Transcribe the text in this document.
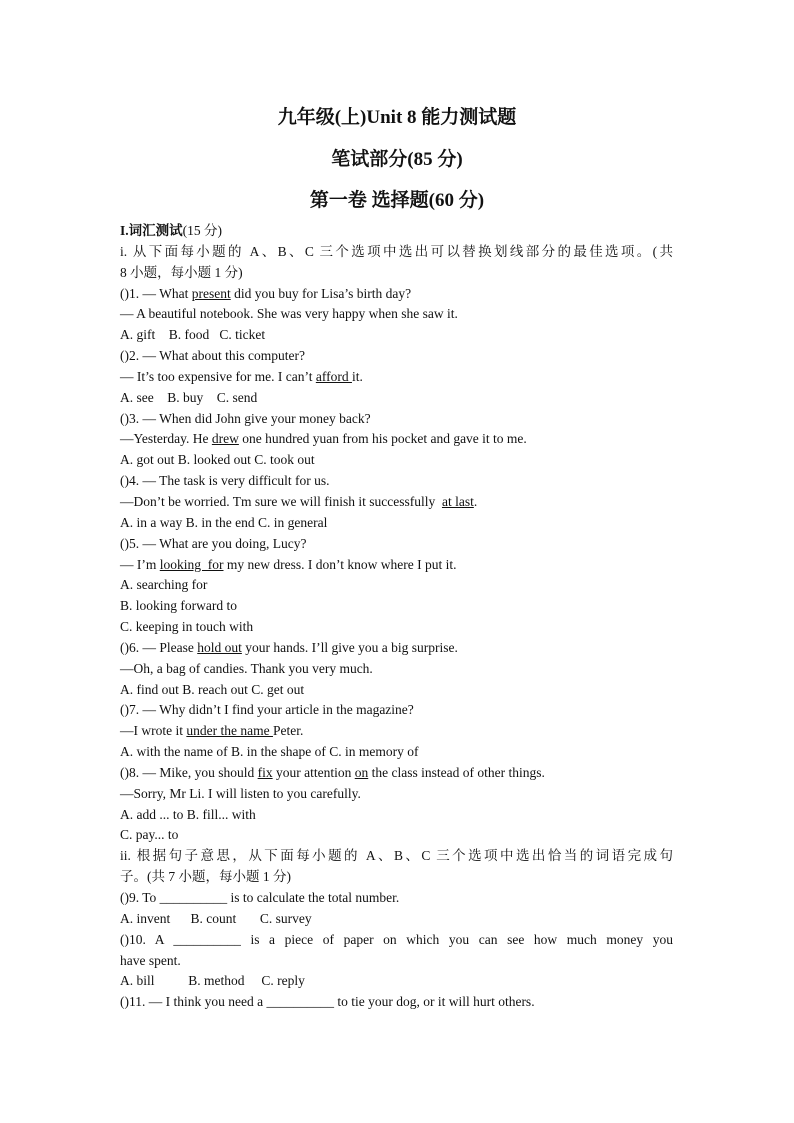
九年级(上)Unit 8 能力测试题
笔试部分(85 分)
第一卷 选择题(60 分)
I.词汇测试(15 分)
i. 从下面每小题的 A、B、C 三个选项中选出可以替换划线部分的最佳选项。(共
8 小题，每小题 1 分)
()1. — What present did you buy for Lisa’s birth day?
— A beautiful notebook. She was very happy when she saw it.
A. gift    B. food   C. ticket
()2. — What about this computer?
— It’s too expensive for me. I can’t afford it.
A. see    B. buy    C. send
()3. — When did John give your money back?
—Yesterday. He drew one hundred yuan from his pocket and gave it to me.
A. got out B. looked out C. took out
()4. — The task is very difficult for us.
—Don’t be worried. Tm sure we will finish it successfully  at last.
A. in a way B. in the end C. in general
()5. — What are you doing, Lucy?
— I’m looking  for my new dress. I don’t know where I put it.
A. searching for
B. looking forward to
C. keeping in touch with
()6. — Please hold out your hands. I’ll give you a big surprise.
—Oh, a bag of candies. Thank you very much.
A. find out B. reach out C. get out
()7. — Why didn’t I find your article in the magazine?
—I wrote it under the name Peter.
A. with the name of B. in the shape of C. in memory of
()8. — Mike, you should fix your attention on the class instead of other things.
—Sorry, Mr Li. I will listen to you carefully.
A. add ... to B. fill... with
C. pay... to
ii. 根据句子意思，从下面每小题的 A、B、C 三个选项中选出恰当的词语完成句
子。(共 7 小题，每小题 1 分)
()9. To __________ is to calculate the total number.
A. invent      B. count       C. survey
()10. A __________ is a piece of paper on which you can see how much money you
have spent.
A. bill          B. method     C. reply
()11. — I think you need a __________ to tie your dog, or it will hurt others.
